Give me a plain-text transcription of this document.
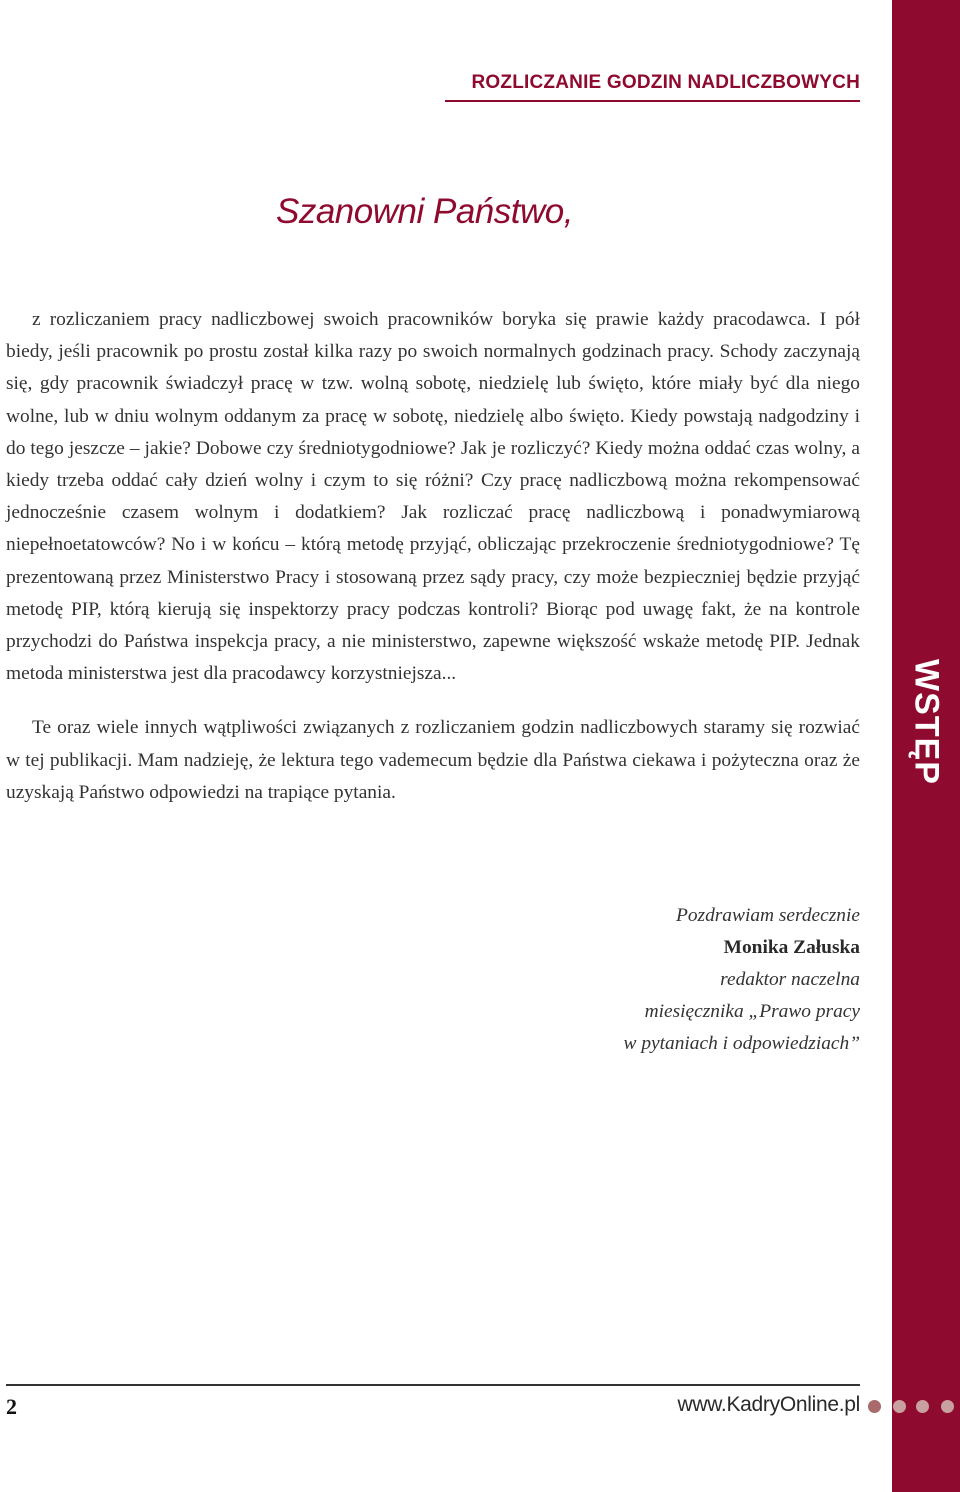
WSTĘP
ROZLICZANIE GODZIN NADLICZBOWYCH
Szanowni Państwo,

z rozliczaniem pracy nadliczbowej swoich pracowników boryka się prawie każdy pracodawca. I pół biedy, jeśli pracownik po prostu został kilka razy po swoich normalnych godzinach pracy. Schody zaczynają się, gdy pracownik świadczył pracę w tzw. wolną sobotę, niedzielę lub święto, które miały być dla niego wolne, lub w dniu wolnym oddanym za pracę w sobotę, niedzielę albo święto. Kiedy powstają nadgodziny i do tego jeszcze – jakie? Dobowe czy średniotygodniowe? Jak je rozliczyć? Kiedy można oddać czas wolny, a kiedy trzeba oddać cały dzień wolny i czym to się różni? Czy pracę nadliczbową można rekompensować jednocześnie czasem wolnym i dodatkiem? Jak rozliczać pracę nadliczbową i ponadwymiarową niepełnoetatowców? No i w końcu – którą metodę przyjąć, obliczając przekroczenie średniotygodniowe? Tę prezentowaną przez Ministerstwo Pracy i stosowaną przez sądy pracy, czy może bezpieczniej będzie przyjąć metodę PIP, którą kierują się inspektorzy pracy podczas kontroli? Biorąc pod uwagę fakt, że na kontrole przychodzi do Państwa inspekcja pracy, a nie ministerstwo, zapewne większość wskaże metodę PIP. Jednak metoda ministerstwa jest dla pracodawcy korzystniejsza...

Te oraz wiele innych wątpliwości związanych z rozliczaniem godzin nadliczbowych staramy się rozwiać w tej publikacji. Mam nadzieję, że lektura tego vademecum będzie dla Państwa ciekawa i pożyteczna oraz że uzyskają Państwo odpowiedzi na trapiące pytania.

Pozdrawiam serdecznie
Monika Załuska
redaktor naczelna
miesięcznika „Prawo pracy
w pytaniach i odpowiedziach”
2	www.KadryOnline.pl
